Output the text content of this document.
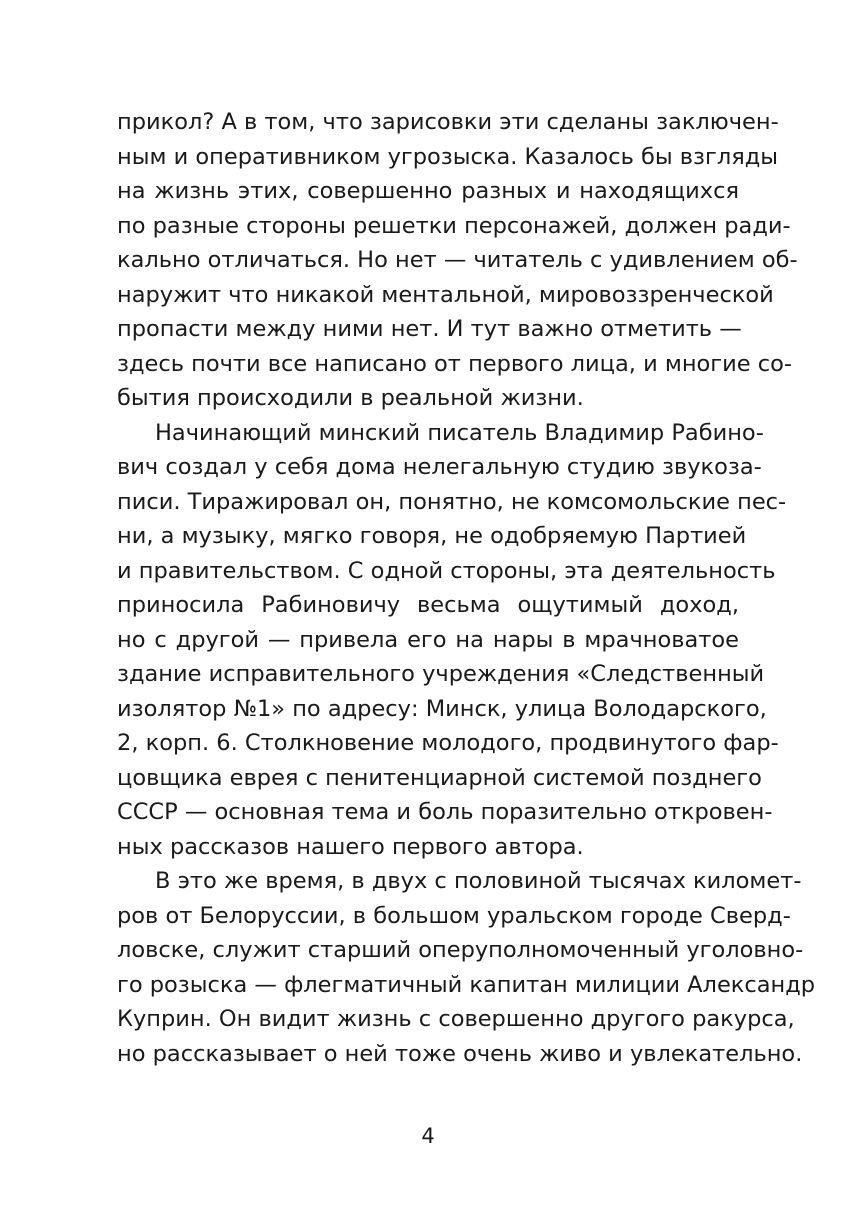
прикол? А в том, что зарисовки эти сделаны заключен-
ным и оперативником угрозыска. Казалось бы взгляды
на жизнь этих, совершенно разных и находящихся
по разные стороны решетки персонажей, должен ради-
кально отличаться. Но нет — читатель с удивлением об-
наружит что никакой ментальной, мировоззренческой
пропасти между ними нет. И тут важно отметить —
здесь почти все написано от первого лица, и многие со-
бытия происходили в реальной жизни.
Начинающий минский писатель Владимир Рабино-
вич создал у себя дома нелегальную студию звукоза-
писи. Тиражировал он, понятно, не комсомольские пес-
ни, а музыку, мягко говоря, не одобряемую Партией
и правительством. С одной стороны, эта деятельность
приносила Рабиновичу весьма ощутимый доход,
но с другой — привела его на нары в мрачноватое
здание исправительного учреждения «Следственный
изолятор №1» по адресу: Минск, улица Володарского,
2, корп. 6. Столкновение молодого, продвинутого фар-
цовщика еврея с пенитенциарной системой позднего
СССР — основная тема и боль поразительно откровен-
ных рассказов нашего первого автора.
В это же время, в двух с половиной тысячах километ-
ров от Белоруссии, в большом уральском городе Сверд-
ловске, служит старший оперуполномоченный уголовно-
го розыска — флегматичный капитан милиции Александр
Куприн. Он видит жизнь с совершенно другого ракурса,
но рассказывает о ней тоже очень живо и увлекательно.
4
